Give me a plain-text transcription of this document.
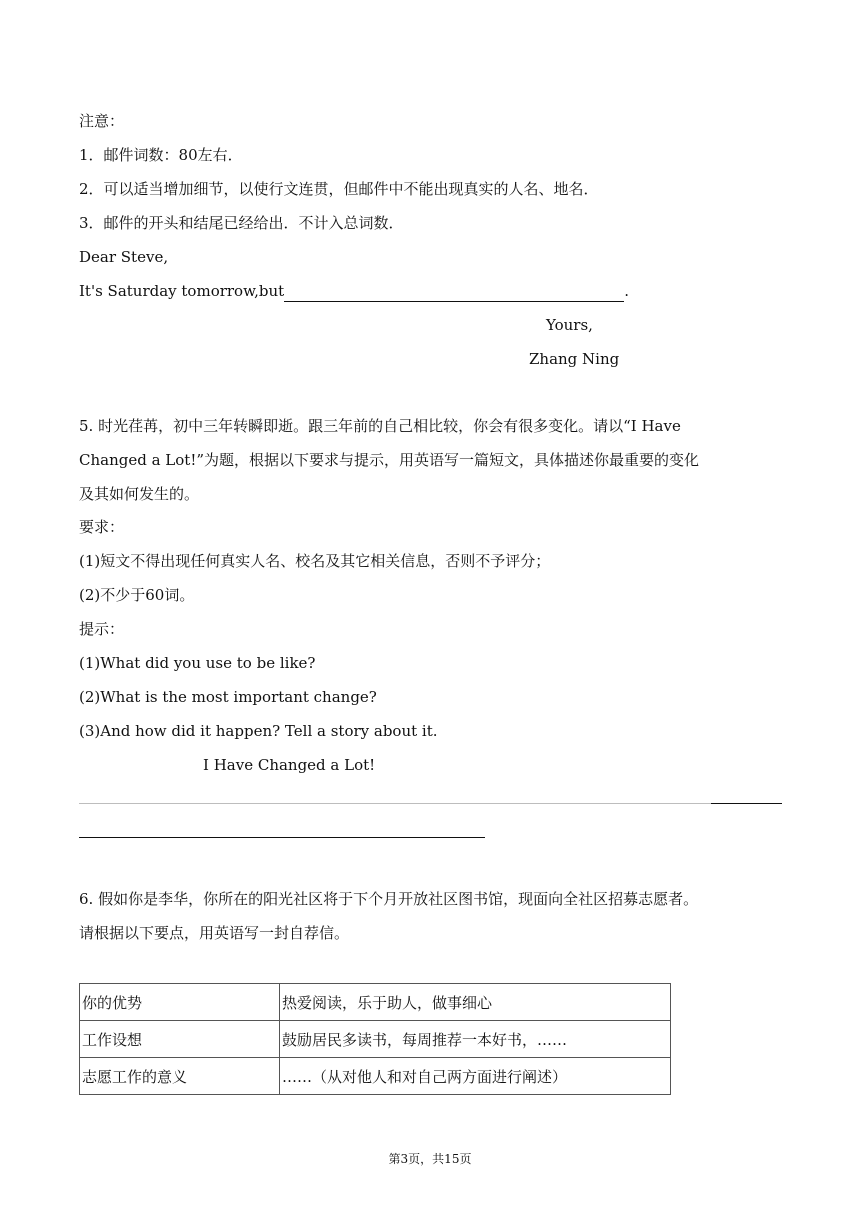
注意：
1．邮件词数：80左右．
2．可以适当增加细节，以使行文连贯，但邮件中不能出现真实的人名、地名．
3．邮件的开头和结尾已经给出．不计入总词数．
Dear Steve,
It's Saturday tomorrow,but	.
Yours,
Zhang Ning
5. 时光荏苒，初中三年转瞬即逝。跟三年前的自己相比较，你会有很多变化。请以“I Have
Changed a Lot!”为题，根据以下要求与提示，用英语写一篇短文，具体描述你最重要的变化
及其如何发生的。
要求：
(1)短文不得出现任何真实人名、校名及其它相关信息，否则不予评分；
(2)不少于60词。
提示：
(1)What did you use to be like?
(2)What is the most important change?
(3)And how did it happen? Tell a story about it.
I Have Changed a Lot!
6. 假如你是李华，你所在的阳光社区将于下个月开放社区图书馆，现面向全社区招募志愿者。
请根据以下要点，用英语写一封自荐信。
你的优势	热爱阅读，乐于助人，做事细心
工作设想	鼓励居民多读书，每周推荐一本好书，……
志愿工作的意义	……（从对他人和对自己两方面进行阐述）
第3页，共15页
